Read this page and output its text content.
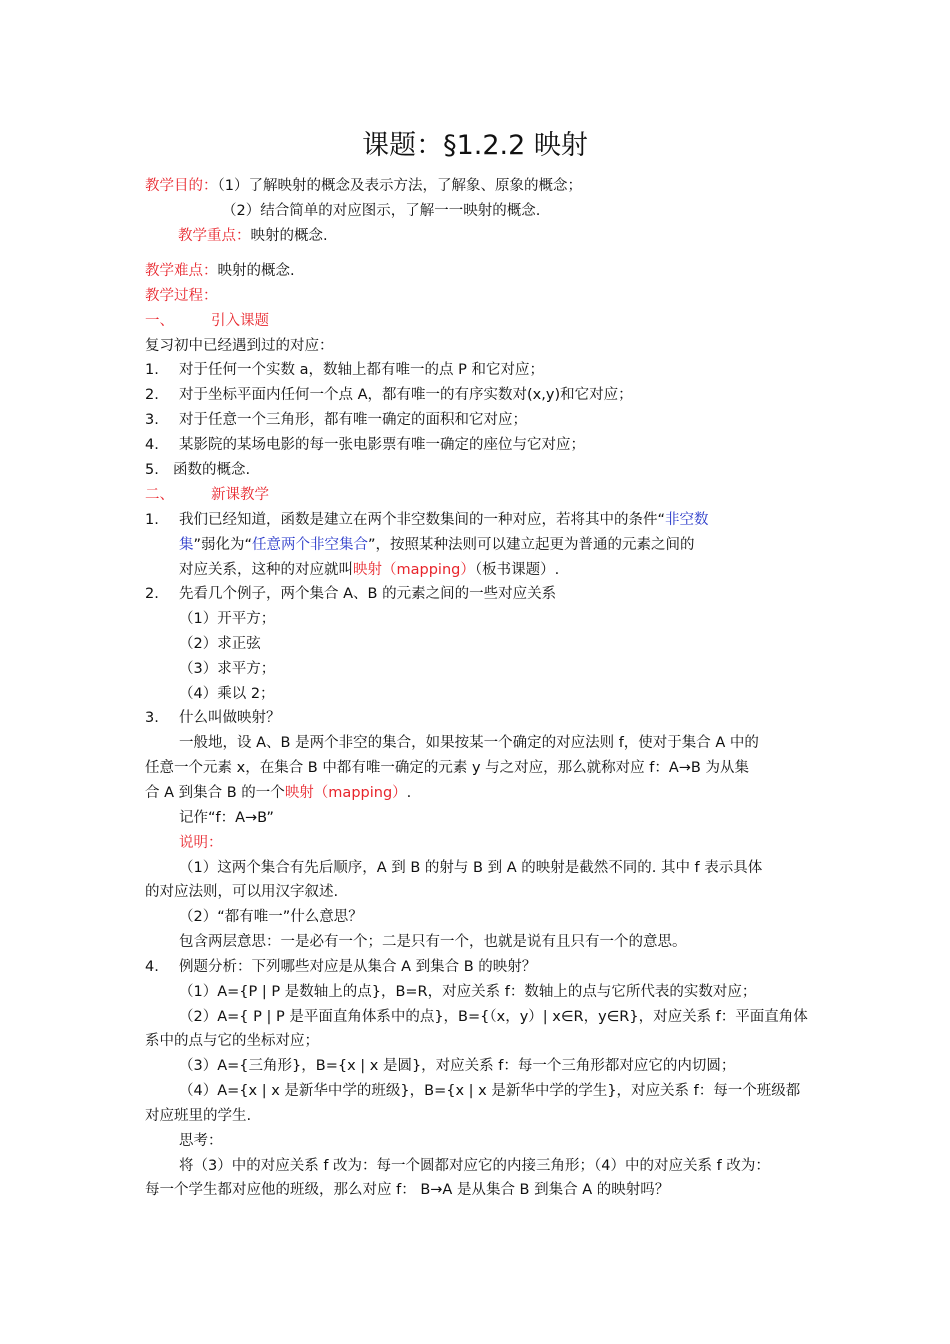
课题：§1.2.2 映射
教学目的：（1）了解映射的概念及表示方法，了解象、原象的概念；
（2）结合简单的对应图示，了解一一映射的概念.
教学重点：映射的概念.
教学难点：映射的概念.
教学过程：
一、	引入课题
复习初中已经遇到过的对应：
1. 对于任何一个实数 a，数轴上都有唯一的点 P 和它对应；
2. 对于坐标平面内任何一个点 A，都有唯一的有序实数对(x,y)和它对应；
3. 对于任意一个三角形，都有唯一确定的面积和它对应；
4. 某影院的某场电影的每一张电影票有唯一确定的座位与它对应；
5. 函数的概念.
二、	新课教学
1. 我们已经知道，函数是建立在两个非空数集间的一种对应，若将其中的条件“非空数
集”弱化为“任意两个非空集合”，按照某种法则可以建立起更为普通的元素之间的
对应关系，这种的对应就叫映射（mapping）（板书课题）.
2. 先看几个例子，两个集合 A、B 的元素之间的一些对应关系
（1）开平方；
（2）求正弦
（3）求平方；
（4）乘以 2；
3. 什么叫做映射？
一般地，设 A、B 是两个非空的集合，如果按某一个确定的对应法则 f，使对于集合 A 中的
任意一个元素 x，在集合 B 中都有唯一确定的元素 y 与之对应，那么就称对应 f：A→B 为从集
合 A 到集合 B 的一个映射（mapping）.
记作“f：A→B”
说明：
（1）这两个集合有先后顺序，A 到 B 的射与 B 到 A 的映射是截然不同的. 其中 f 表示具体
的对应法则，可以用汉字叙述.
（2）“都有唯一”什么意思？
包含两层意思：一是必有一个；二是只有一个，也就是说有且只有一个的意思。
4. 例题分析：下列哪些对应是从集合 A 到集合 B 的映射？
（1）A={P | P 是数轴上的点}，B=R，对应关系 f：数轴上的点与它所代表的实数对应；
（2）A={ P | P 是平面直角体系中的点}，B={（x，y）| x∈R，y∈R}，对应关系 f：平面直角体
系中的点与它的坐标对应；
（3）A={三角形}，B={x | x 是圆}，对应关系 f：每一个三角形都对应它的内切圆；
（4）A={x | x 是新华中学的班级}，B={x | x 是新华中学的学生}，对应关系 f：每一个班级都
对应班里的学生.
思考：
将（3）中的对应关系 f 改为：每一个圆都对应它的内接三角形；（4）中的对应关系 f 改为：
每一个学生都对应他的班级，那么对应 f： B→A 是从集合 B 到集合 A 的映射吗？
